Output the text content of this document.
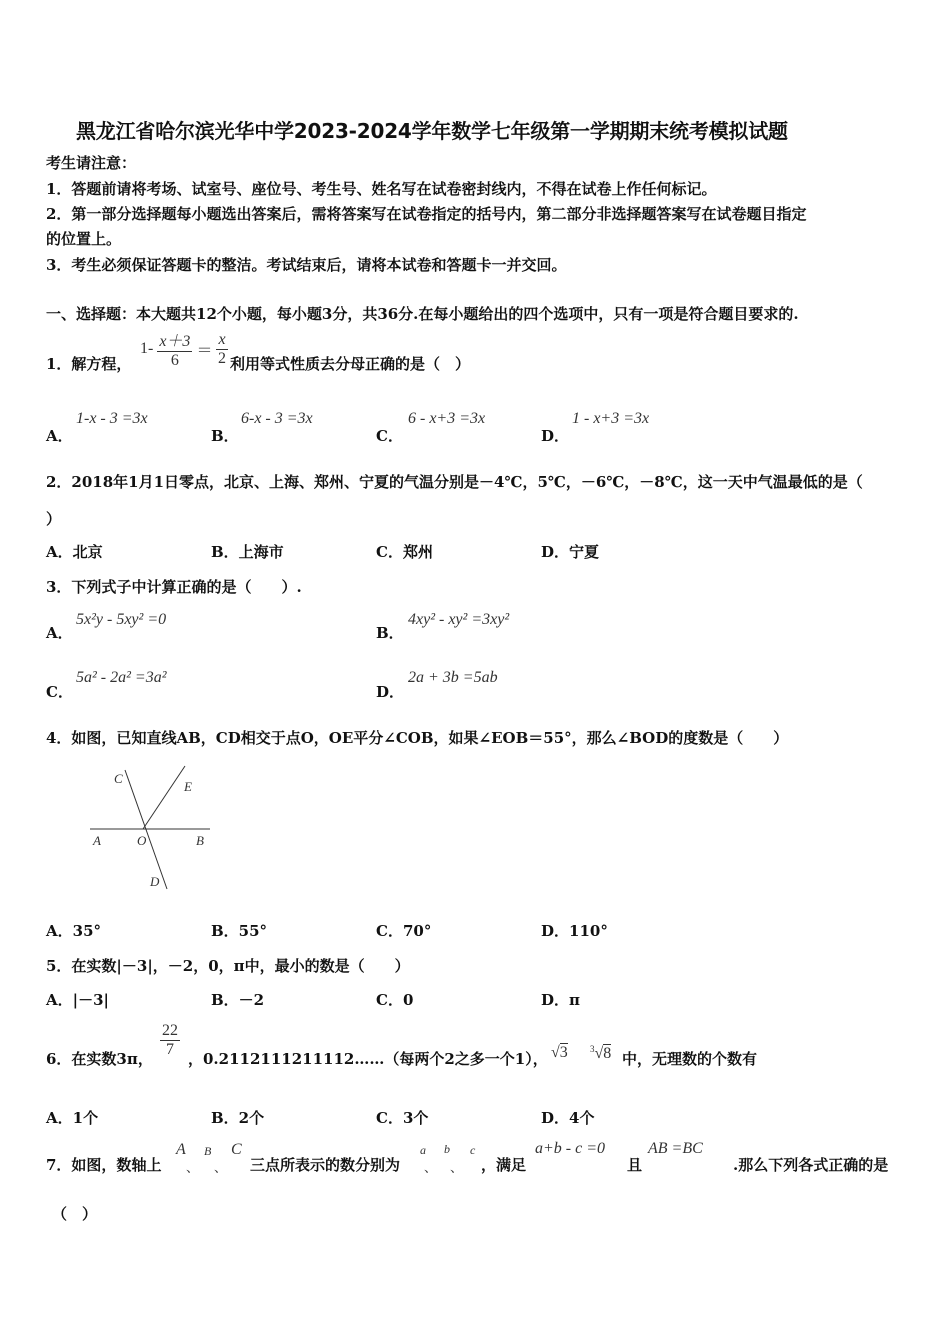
黑龙江省哈尔滨光华中学2023-2024学年数学七年级第一学期期末统考模拟试题
考生请注意：
1．答题前请将考场、试室号、座位号、考生号、姓名写在试卷密封线内，不得在试卷上作任何标记。
2．第一部分选择题每小题选出答案后，需将答案写在试卷指定的括号内，第二部分非选择题答案写在试卷题目指定
的位置上。
3．考生必须保证答题卡的整洁。考试结束后，请将本试卷和答题卡一并交回。
一、选择题：本大题共12个小题，每小题3分，共36分.在每小题给出的四个选项中，只有一项是符合题目要求的.
1．解方程，
$1- \frac{x+3}{6} = \frac{x}{2}$ 利用等式性质去分母正确的是（　）
A．
1-x - 3 =3x
B．
6-x - 3 =3x
C．
6 - x+3 =3x
D．
1 - x+3 =3x
2．2018年1月1日零点，北京、上海、郑州、宁夏的气温分别是－4℃，5℃，－6℃，－8℃，这一天中气温最低的是（
）
A．北京	B．上海市	C．郑州	D．宁夏
3．下列式子中计算正确的是（　　）.
A．
5x²y - 5xy² =0
B．
4xy² - xy² =3xy²
C．
5a² - 2a² =3a²
D．
2a + 3b =5ab
4．如图，已知直线AB，CD相交于点O，OE平分∠COB，如果∠EOB＝55°，那么∠BOD的度数是（　　）
C
E
A	O	B
D
A．35°	B．55°	C．70°	D．110°
5．在实数|－3|，－2，0，π中，最小的数是（　　）
A．|－3|	B．－2	C．0	D．π
6．在实数3π， $\frac{22}{7}$ ，0.2112111211112……（每两个2之多一个1）， √3 $^3$√8 中，无理数的个数有
A．1个	B．2个	C．3个	D．4个
7．如图，数轴上
A
、
B
、
C
三点所表示的数分别为
a
、
b
、
c
，满足
a+b - c =0
且
AB =BC
.那么下列各式正确的是
（　）
